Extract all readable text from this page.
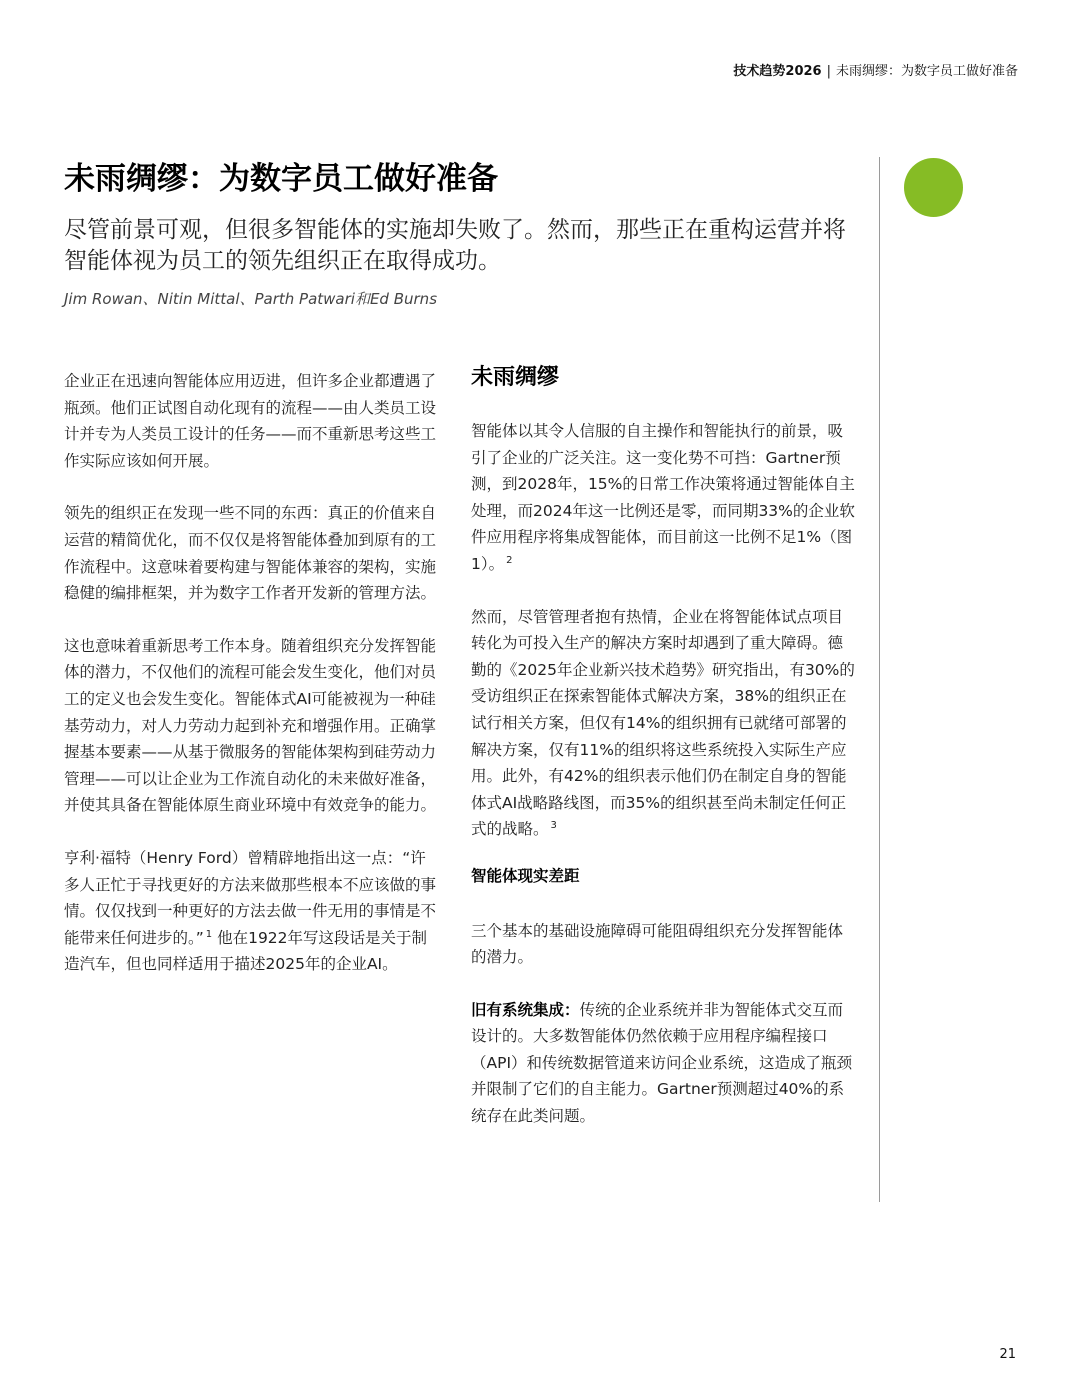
技术趋势2026 | 未雨绸缪：为数字员工做好准备
未雨绸缪：为数字员工做好准备

尽管前景可观，但很多智能体的实施却失败了。然而，那些正在重构运营并将智能体视为员工的领先组织正在取得成功。

Jim Rowan、Nitin Mittal、Parth Patwari和Ed Burns

企业正在迅速向智能体应用迈进，但许多企业都遭遇了瓶颈。他们正试图自动化现有的流程——由人类员工设计并专为人类员工设计的任务——而不重新思考这些工作实际应该如何开展。

领先的组织正在发现一些不同的东西：真正的价值来自运营的精简优化，而不仅仅是将智能体叠加到原有的工作流程中。这意味着要构建与智能体兼容的架构，实施稳健的编排框架，并为数字工作者开发新的管理方法。

这也意味着重新思考工作本身。随着组织充分发挥智能体的潜力，不仅他们的流程可能会发生变化，他们对员工的定义也会发生变化。智能体式AI可能被视为一种硅基劳动力，对人力劳动力起到补充和增强作用。正确掌握基本要素——从基于微服务的智能体架构到硅劳动力管理——可以让企业为工作流自动化的未来做好准备，并使其具备在智能体原生商业环境中有效竞争的能力。

亨利·福特（Henry Ford）曾精辟地指出这一点：“许多人正忙于寻找更好的方法来做那些根本不应该做的事情。仅仅找到一种更好的方法去做一件无用的事情是不能带来任何进步的。” $^1$ 他在1922年写这段话是关于制造汽车，但也同样适用于描述2025年的企业AI。

未雨绸缪

智能体以其令人信服的自主操作和智能执行的前景，吸引了企业的广泛关注。这一变化势不可挡：Gartner预测，到2028年，15%的日常工作决策将通过智能体自主处理，而2024年这一比例还是零，而同期33%的企业软件应用程序将集成智能体，而目前这一比例不足1%（图1）。 $^2$

然而，尽管管理者抱有热情，企业在将智能体试点项目转化为可投入生产的解决方案时却遇到了重大障碍。德勤的《2025年企业新兴技术趋势》研究指出，有30%的受访组织正在探索智能体式解决方案，38%的组织正在试行相关方案，但仅有14%的组织拥有已就绪可部署的解决方案，仅有11%的组织将这些系统投入实际生产应用。此外，有42%的组织表示他们仍在制定自身的智能体式AI战略路线图，而35%的组织甚至尚未制定任何正式的战略。 $^3$

智能体现实差距

三个基本的基础设施障碍可能阻碍组织充分发挥智能体的潜力。

旧有系统集成：传统的企业系统并非为智能体式交互而设计的。大多数智能体仍然依赖于应用程序编程接口（API）和传统数据管道来访问企业系统，这造成了瓶颈并限制了它们的自主能力。Gartner预测超过40%的系统存在此类问题。

21
